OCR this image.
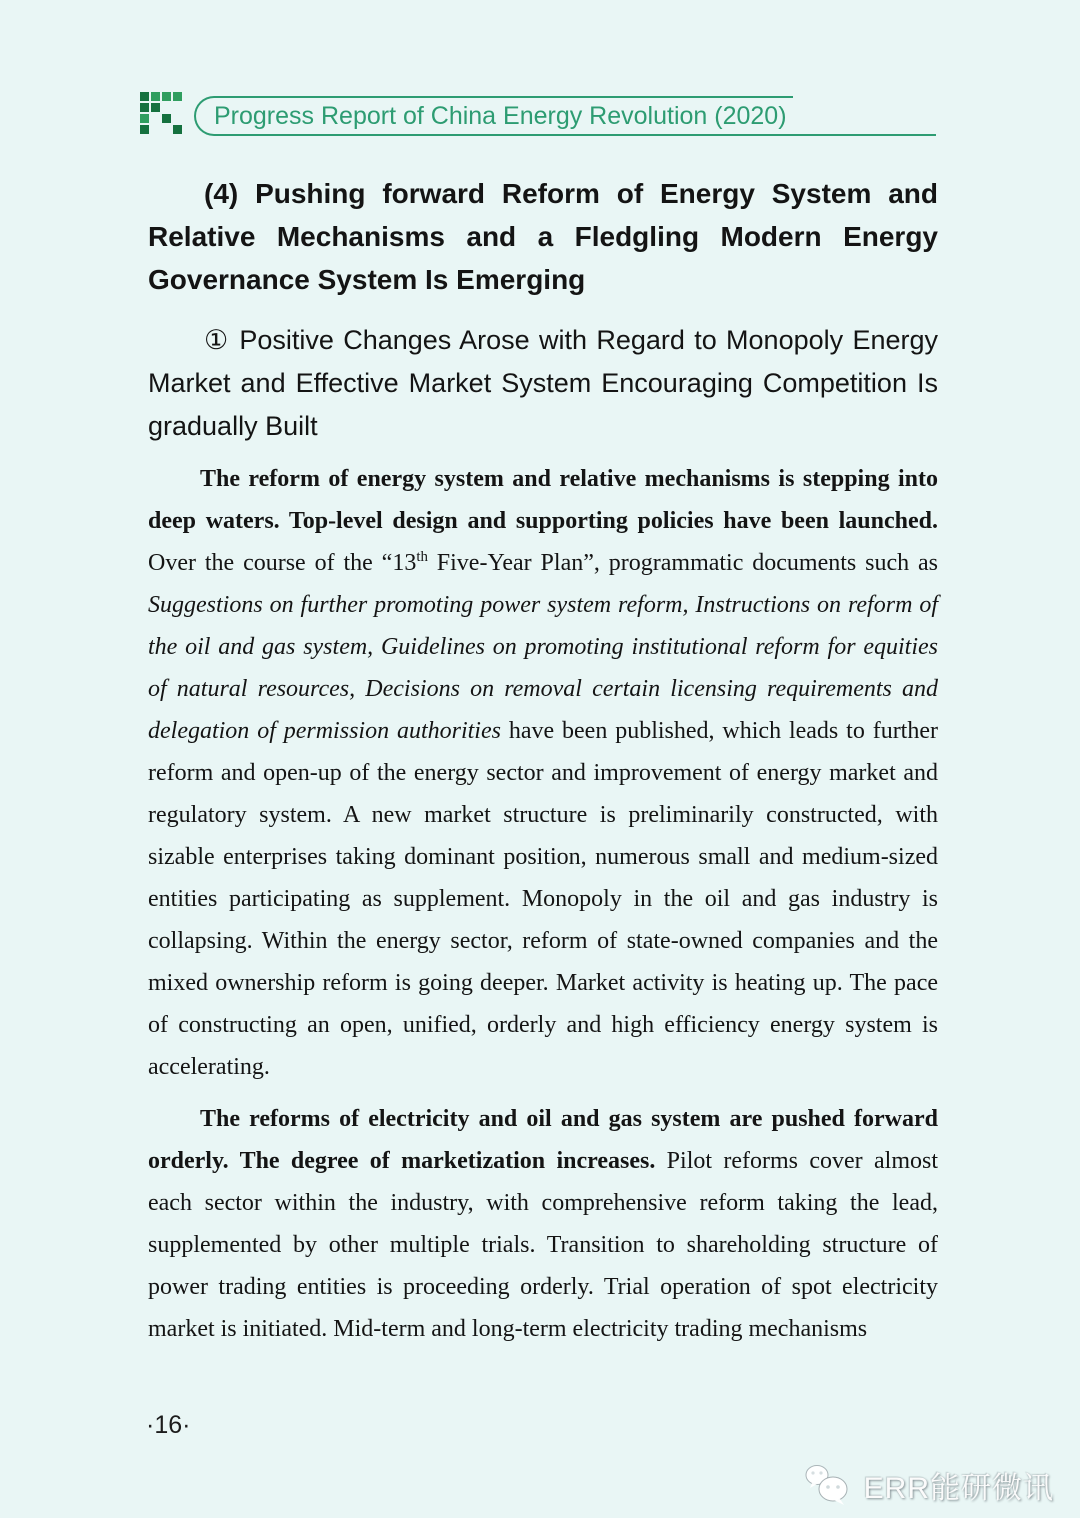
Progress Report of China Energy Revolution (2020)
(4) Pushing forward Reform of Energy System and Relative Mechanisms and a Fledgling Modern Energy Governance System Is Emerging
① Positive Changes Arose with Regard to Monopoly Energy Market and Effective Market System Encouraging Competition Is gradually Built

The reform of energy system and relative mechanisms is stepping into deep waters. Top-level design and supporting policies have been launched. Over the course of the “13th Five-Year Plan”, programmatic documents such as Suggestions on further promoting power system reform, Instructions on reform of the oil and gas system, Guidelines on promoting institutional reform for equities of natural resources, Decisions on removal certain licensing requirements and delegation of permission authorities have been published, which leads to further reform and open-up of the energy sector and improvement of energy market and regulatory system. A new market structure is preliminarily constructed, with sizable enterprises taking dominant position, numerous small and medium-sized entities participating as supplement. Monopoly in the oil and gas industry is collapsing. Within the energy sector, reform of state-owned companies and the mixed ownership reform is going deeper. Market activity is heating up. The pace of constructing an open, unified, orderly and high efficiency energy system is accelerating.

The reforms of electricity and oil and gas system are pushed forward orderly. The degree of marketization increases. Pilot reforms cover almost each sector within the industry, with comprehensive reform taking the lead, supplemented by other multiple trials. Transition to shareholding structure of power trading entities is proceeding orderly. Trial operation of spot electricity market is initiated. Mid-term and long-term electricity trading mechanisms

·16·
ERR能研微讯
